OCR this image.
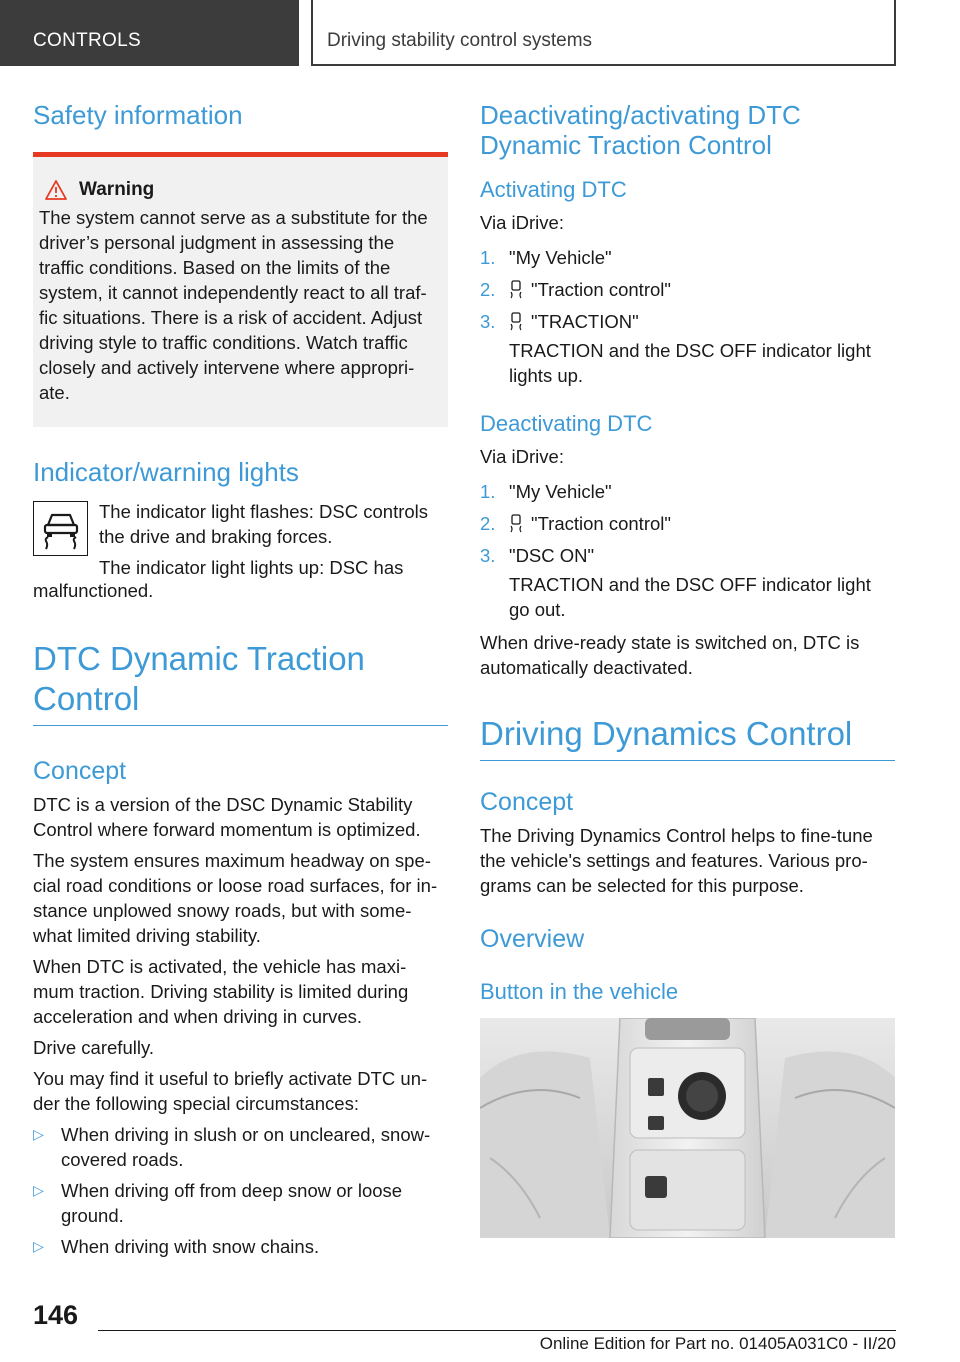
CONTROLS	Driving stability control systems
Safety information
Warning

The system cannot serve as a substitute for the driver’s personal judgment in assessing the traffic conditions. Based on the limits of the system, it cannot independently react to all traf‐ fic situations. There is a risk of accident. Adjust driving style to traffic conditions. Watch traffic closely and actively intervene where appropri‐ ate.

Indicator/warning lights

The indicator light flashes: DSC controls the drive and braking forces.

The indicator light lights up: DSC has

malfunctioned.

DTC Dynamic Traction Control
Concept

DTC is a version of the DSC Dynamic Stability Control where forward momentum is optimized.

The system ensures maximum headway on spe‐ cial road conditions or loose road surfaces, for in‐ stance unplowed snowy roads, but with some‐ what limited driving stability.

When DTC is activated, the vehicle has maxi‐ mum traction. Driving stability is limited during acceleration and when driving in curves.

Drive carefully.

You may find it useful to briefly activate DTC un‐ der the following special circumstances:

▷ When driving in slush or on uncleared, snow-covered roads.
▷ When driving off from deep snow or loose ground.
▷ When driving with snow chains.
Deactivating/activating DTC Dynamic Traction Control
Activating DTC

Via iDrive:

1. "My Vehicle"
2.	"Traction control"
3.	"TRACTION"

TRACTION and the DSC OFF indicator light lights up.

Deactivating DTC

Via iDrive:

1. "My Vehicle"
2.	"Traction control"
3. "DSC ON"

TRACTION and the DSC OFF indicator light go out.

When drive-ready state is switched on, DTC is automatically deactivated.

Driving Dynamics Control
Concept

The Driving Dynamics Control helps to fine-tune the vehicle's settings and features. Various pro‐ grams can be selected for this purpose.

Overview
Button in the vehicle
146
Online Edition for Part no. 01405A031C0 - II/20
